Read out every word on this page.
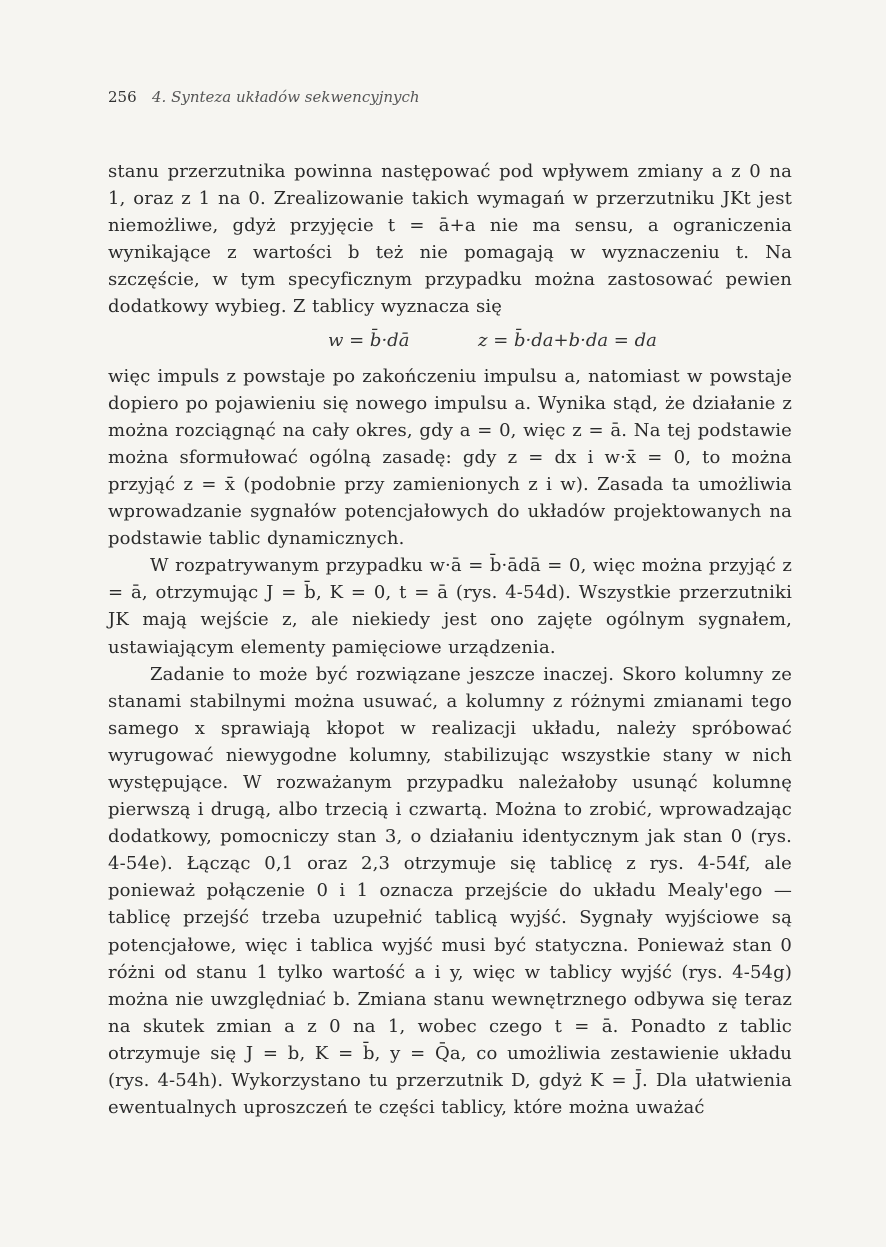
256 4. Synteza układów sekwencyjnych

stanu przerzutnika powinna następować pod wpływem zmiany a z 0 na 1, oraz z 1 na 0. Zrealizowanie takich wymagań w przerzutniku JKt jest niemożliwe, gdyż przyjęcie t = ā+a nie ma sensu, a ograniczenia wynikające z wartości b też nie pomagają w wyznaczeniu t. Na szczęście, w tym specyficznym przypadku można zastosować pewien dodatkowy wybieg. Z tablicy wyznacza się

w = b̄·dā	z = b̄·da+b·da = da

więc impuls z powstaje po zakończeniu impulsu a, natomiast w powstaje dopiero po pojawieniu się nowego impulsu a. Wynika stąd, że działanie z można rozciągnąć na cały okres, gdy a = 0, więc z = ā. Na tej podstawie można sformułować ogólną zasadę: gdy z = dx i w·x̄ = 0, to można przyjąć z = x̄ (podobnie przy zamienionych z i w). Zasada ta umożliwia wprowadzanie sygnałów potencjałowych do układów projektowanych na podstawie tablic dynamicznych.

W rozpatrywanym przypadku w·ā = b̄·ādā = 0, więc można przyjąć z = ā, otrzymując J = b̄, K = 0, t = ā (rys. 4-54d). Wszystkie przerzutniki JK mają wejście z, ale niekiedy jest ono zajęte ogólnym sygnałem, ustawiającym elementy pamięciowe urządzenia.

Zadanie to może być rozwiązane jeszcze inaczej. Skoro kolumny ze stanami stabilnymi można usuwać, a kolumny z różnymi zmianami tego samego x sprawiają kłopot w realizacji układu, należy spróbować wyrugować niewygodne kolumny, stabilizując wszystkie stany w nich występujące. W rozważanym przypadku należałoby usunąć kolumnę pierwszą i drugą, albo trzecią i czwartą. Można to zrobić, wprowadzając dodatkowy, pomocniczy stan 3, o działaniu identycznym jak stan 0 (rys. 4-54e). Łącząc 0,1 oraz 2,3 otrzymuje się tablicę z rys. 4-54f, ale ponieważ połączenie 0 i 1 oznacza przejście do układu Mealy'ego — tablicę przejść trzeba uzupełnić tablicą wyjść. Sygnały wyjściowe są potencjałowe, więc i tablica wyjść musi być statyczna. Ponieważ stan 0 różni od stanu 1 tylko wartość a i y, więc w tablicy wyjść (rys. 4-54g) można nie uwzględniać b. Zmiana stanu wewnętrznego odbywa się teraz na skutek zmian a z 0 na 1, wobec czego t = ā. Ponadto z tablic otrzymuje się J = b, K = b̄, y = Q̄a, co umożliwia zestawienie układu (rys. 4-54h). Wykorzystano tu przerzutnik D, gdyż K = J̄. Dla ułatwienia ewentualnych uproszczeń te części tablicy, które można uważać
